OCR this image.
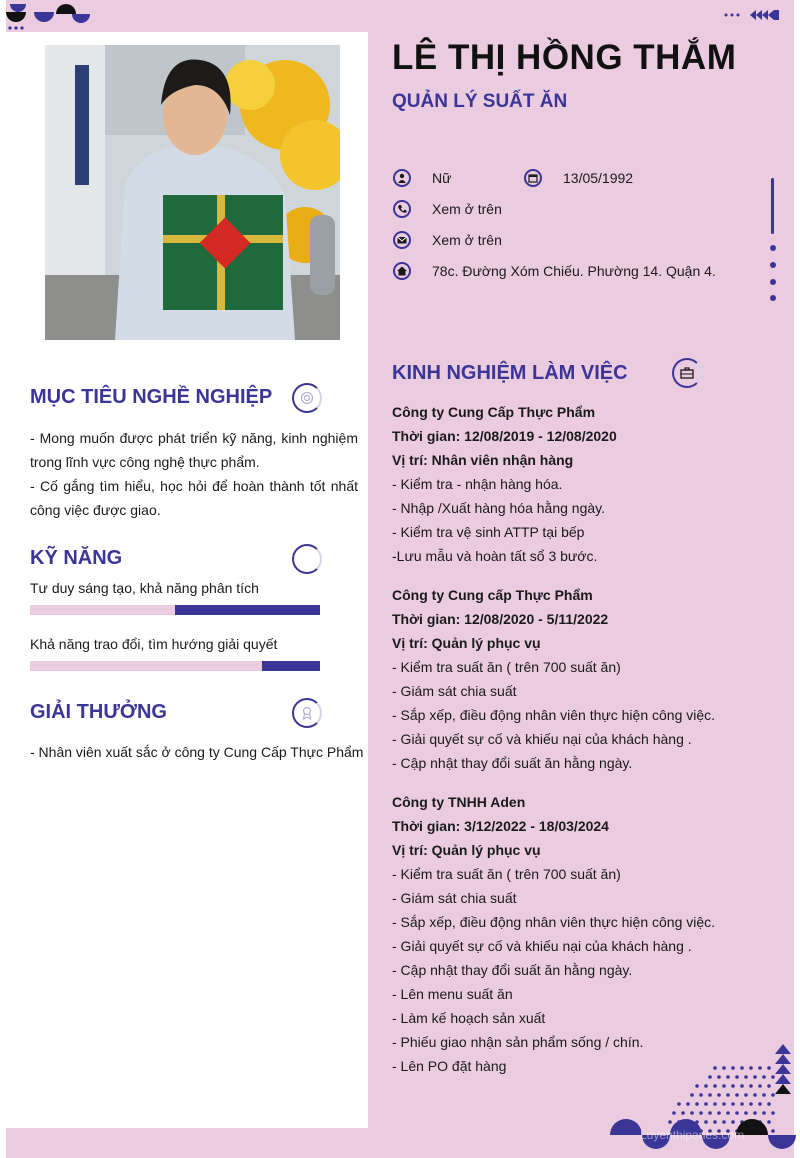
LÊ THỊ HỒNG THẮM
QUẢN LÝ SUẤT ĂN
Nữ	13/05/1992
Xem ở trên
Xem ở trên
78c. Đường Xóm Chiếu. Phường 14. Quận 4.
MỤC TIÊU NGHỀ NGHIỆP
- Mong muốn được phát triển kỹ năng, kinh nghiệm trong lĩnh vực công nghệ thực phẩm.
- Cố gắng tìm hiểu, học hỏi để hoàn thành tốt nhất công việc được giao.
KỸ NĂNG
Tư duy sáng tạo, khả năng phân tích
Khả năng trao đổi, tìm hướng giải quyết
GIẢI THƯỞNG
- Nhân viên xuất sắc ở công ty Cung Cấp Thực Phẩm
KINH NGHIỆM LÀM VIỆC
Công ty Cung Cấp Thực Phẩm
Thời gian: 12/08/2019 - 12/08/2020
Vị trí: Nhân viên nhận hàng
- Kiểm tra - nhận hàng hóa.
- Nhập /Xuất hàng hóa hằng ngày.
- Kiểm tra vệ sinh ATTP tại bếp
-Lưu mẫu và hoàn tất sổ 3 bước.
Công ty Cung cấp Thực Phẩm
Thời gian: 12/08/2020 - 5/11/2022
Vị trí: Quản lý phục vụ
- Kiểm tra suất ăn ( trên 700 suất ăn)
- Giám sát chia suất
- Sắp xếp, điều động nhân viên thực hiện công việc.
- Giải quyết sự cố và khiếu nại của khách hàng .
- Cập nhật thay đổi suất ăn hằng ngày.
Công ty TNHH Aden
Thời gian: 3/12/2022 - 18/03/2024
Vị trí: Quản lý phục vụ
- Kiểm tra suất ăn ( trên 700 suất ăn)
- Giám sát chia suất
- Sắp xếp, điều động nhân viên thực hiện công việc.
- Giải quyết sự cố và khiếu nại của khách hàng .
- Cập nhật thay đổi suất ăn hằng ngày.
- Lên menu suất ăn
- Làm kế hoạch sản xuất
- Phiếu giao nhận sản phẩm sống / chín.
- Lên PO đặt hàng
Luyenthipanes.com
